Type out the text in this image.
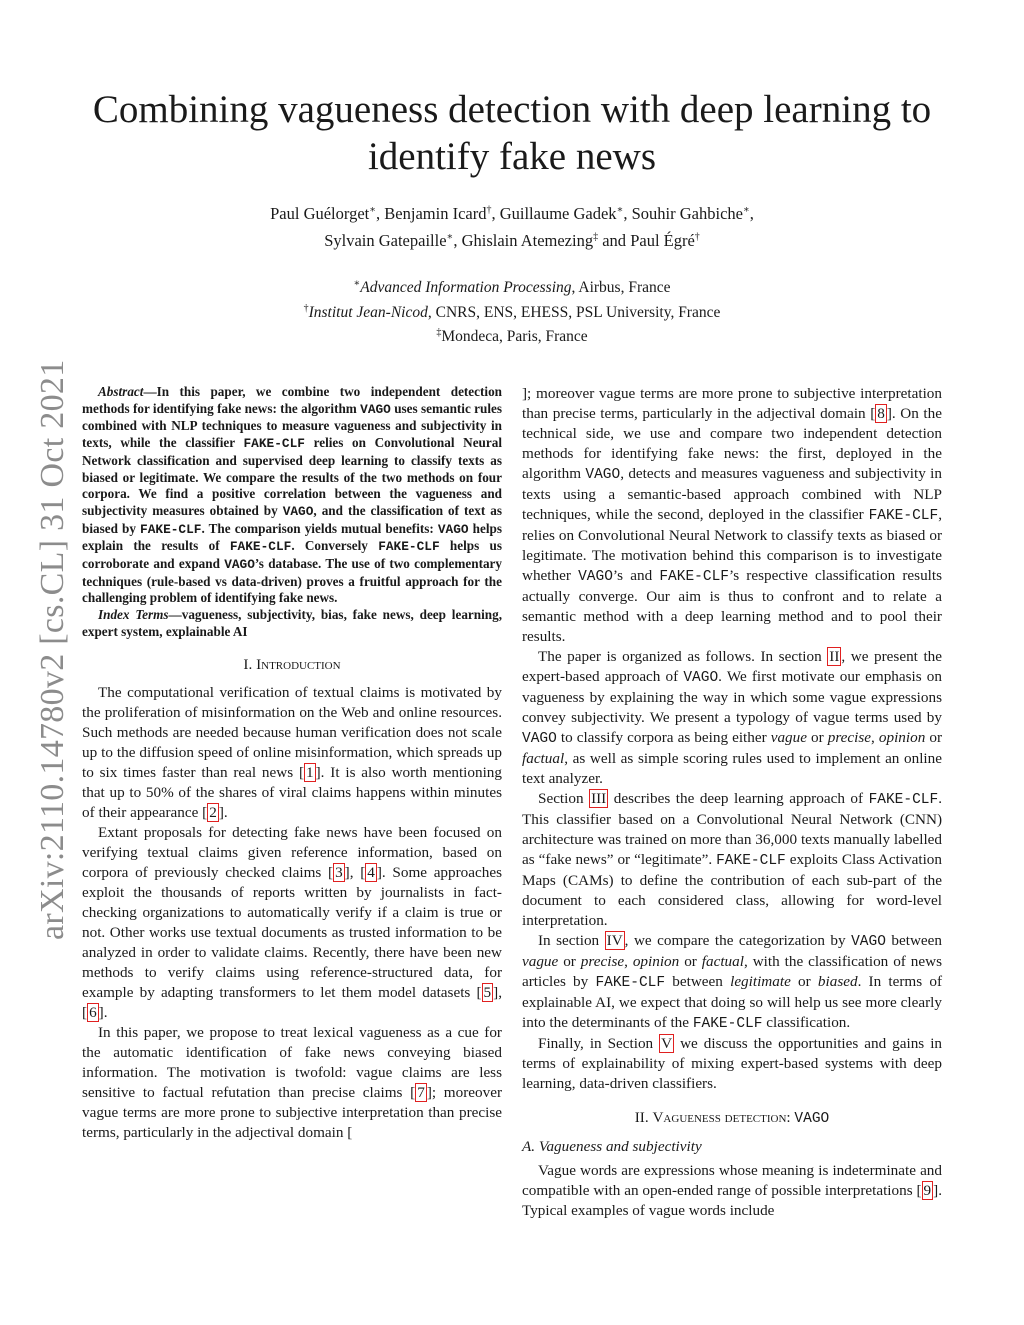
arXiv:2110.14780v2 [cs.CL] 31 Oct 2021
Combining vagueness detection with deep learning to identify fake news
Paul Guélorget∗, Benjamin Icard†, Guillaume Gadek∗, Souhir Gahbiche∗,
Sylvain Gatepaille∗, Ghislain Atemezing‡ and Paul Égré†
∗Advanced Information Processing, Airbus, France
†Institut Jean-Nicod, CNRS, ENS, EHESS, PSL University, France
‡Mondeca, Paris, France

Abstract—In this paper, we combine two independent detection methods for identifying fake news: the algorithm VAGO uses semantic rules combined with NLP techniques to measure vagueness and subjectivity in texts, while the classifier FAKE-CLF relies on Convolutional Neural Network classification and supervised deep learning to classify texts as biased or legitimate. We compare the results of the two methods on four corpora. We find a positive correlation between the vagueness and subjectivity measures obtained by VAGO, and the classification of text as biased by FAKE-CLF. The comparison yields mutual benefits: VAGO helps explain the results of FAKE-CLF. Conversely FAKE-CLF helps us corroborate and expand VAGO’s database. The use of two complementary techniques (rule-based vs data-driven) proves a fruitful approach for the challenging problem of identifying fake news.

Index Terms—vagueness, subjectivity, bias, fake news, deep learning, expert system, explainable AI

I. Introduction

The computational verification of textual claims is motivated by the proliferation of misinformation on the Web and online resources. Such methods are needed because human verification does not scale up to the diffusion speed of online misinformation, which spreads up to six times faster than real news [ 1 ]. It is also worth mentioning that up to 50% of the shares of viral claims happens within minutes of their appearance [ 2 ].

Extant proposals for detecting fake news have been focused on verifying textual claims given reference information, based on corpora of previously checked claims [ 3 ], [ 4 ]. Some approaches exploit the thousands of reports written by journalists in fact-checking organizations to automatically verify if a claim is true or not. Other works use textual documents as trusted information to be analyzed in order to validate claims. Recently, there have been new methods to verify claims using reference-structured data, for example by adapting transformers to let them model datasets [ 5 ], [ 6 ].

In this paper, we propose to treat lexical vagueness as a cue for the automatic identification of fake news conveying biased information. The motivation is twofold: vague claims are less sensitive to factual refutation than precise claims [ 7 ]; moreover vague terms are more prone to subjective interpretation than precise terms, particularly in the adjectival domain [

]; moreover vague terms are more prone to subjective interpretation than precise terms, particularly in the adjectival domain [ 8 ]. On the technical side, we use and compare two independent detection methods for identifying fake news: the first, deployed in the algorithm VAGO, detects and measures vagueness and subjectivity in texts using a semantic-based approach combined with NLP techniques, while the second, deployed in the classifier FAKE-CLF, relies on Convolutional Neural Network to classify texts as biased or legitimate. The motivation behind this comparison is to investigate whether VAGO’s and FAKE-CLF’s respective classification results actually converge. Our aim is thus to confront and to relate a semantic method with a deep learning method and to pool their results.

The paper is organized as follows. In section II , we present the expert-based approach of VAGO. We first motivate our emphasis on vagueness by explaining the way in which some vague expressions convey subjectivity. We present a typology of vague terms used by VAGO to classify corpora as being either vague or precise, opinion or factual, as well as simple scoring rules used to implement an online text analyzer.

Section III describes the deep learning approach of FAKE-CLF. This classifier based on a Convolutional Neural Network (CNN) architecture was trained on more than 36,000 texts manually labelled as “fake news” or “legitimate”. FAKE-CLF exploits Class Activation Maps (CAMs) to define the contribution of each sub-part of the document to each considered class, allowing for word-level interpretation.

In section IV , we compare the categorization by VAGO between vague or precise, opinion or factual, with the classification of news articles by FAKE-CLF between legitimate or biased. In terms of explainable AI, we expect that doing so will help us see more clearly into the determinants of the FAKE-CLF classification.

Finally, in Section V we discuss the opportunities and gains in terms of explainability of mixing expert-based systems with deep learning, data-driven classifiers.

II. Vagueness detection: VAGO

A. Vagueness and subjectivity

Vague words are expressions whose meaning is indeterminate and compatible with an open-ended range of possible interpretations [ 9 ]. Typical examples of vague words include
